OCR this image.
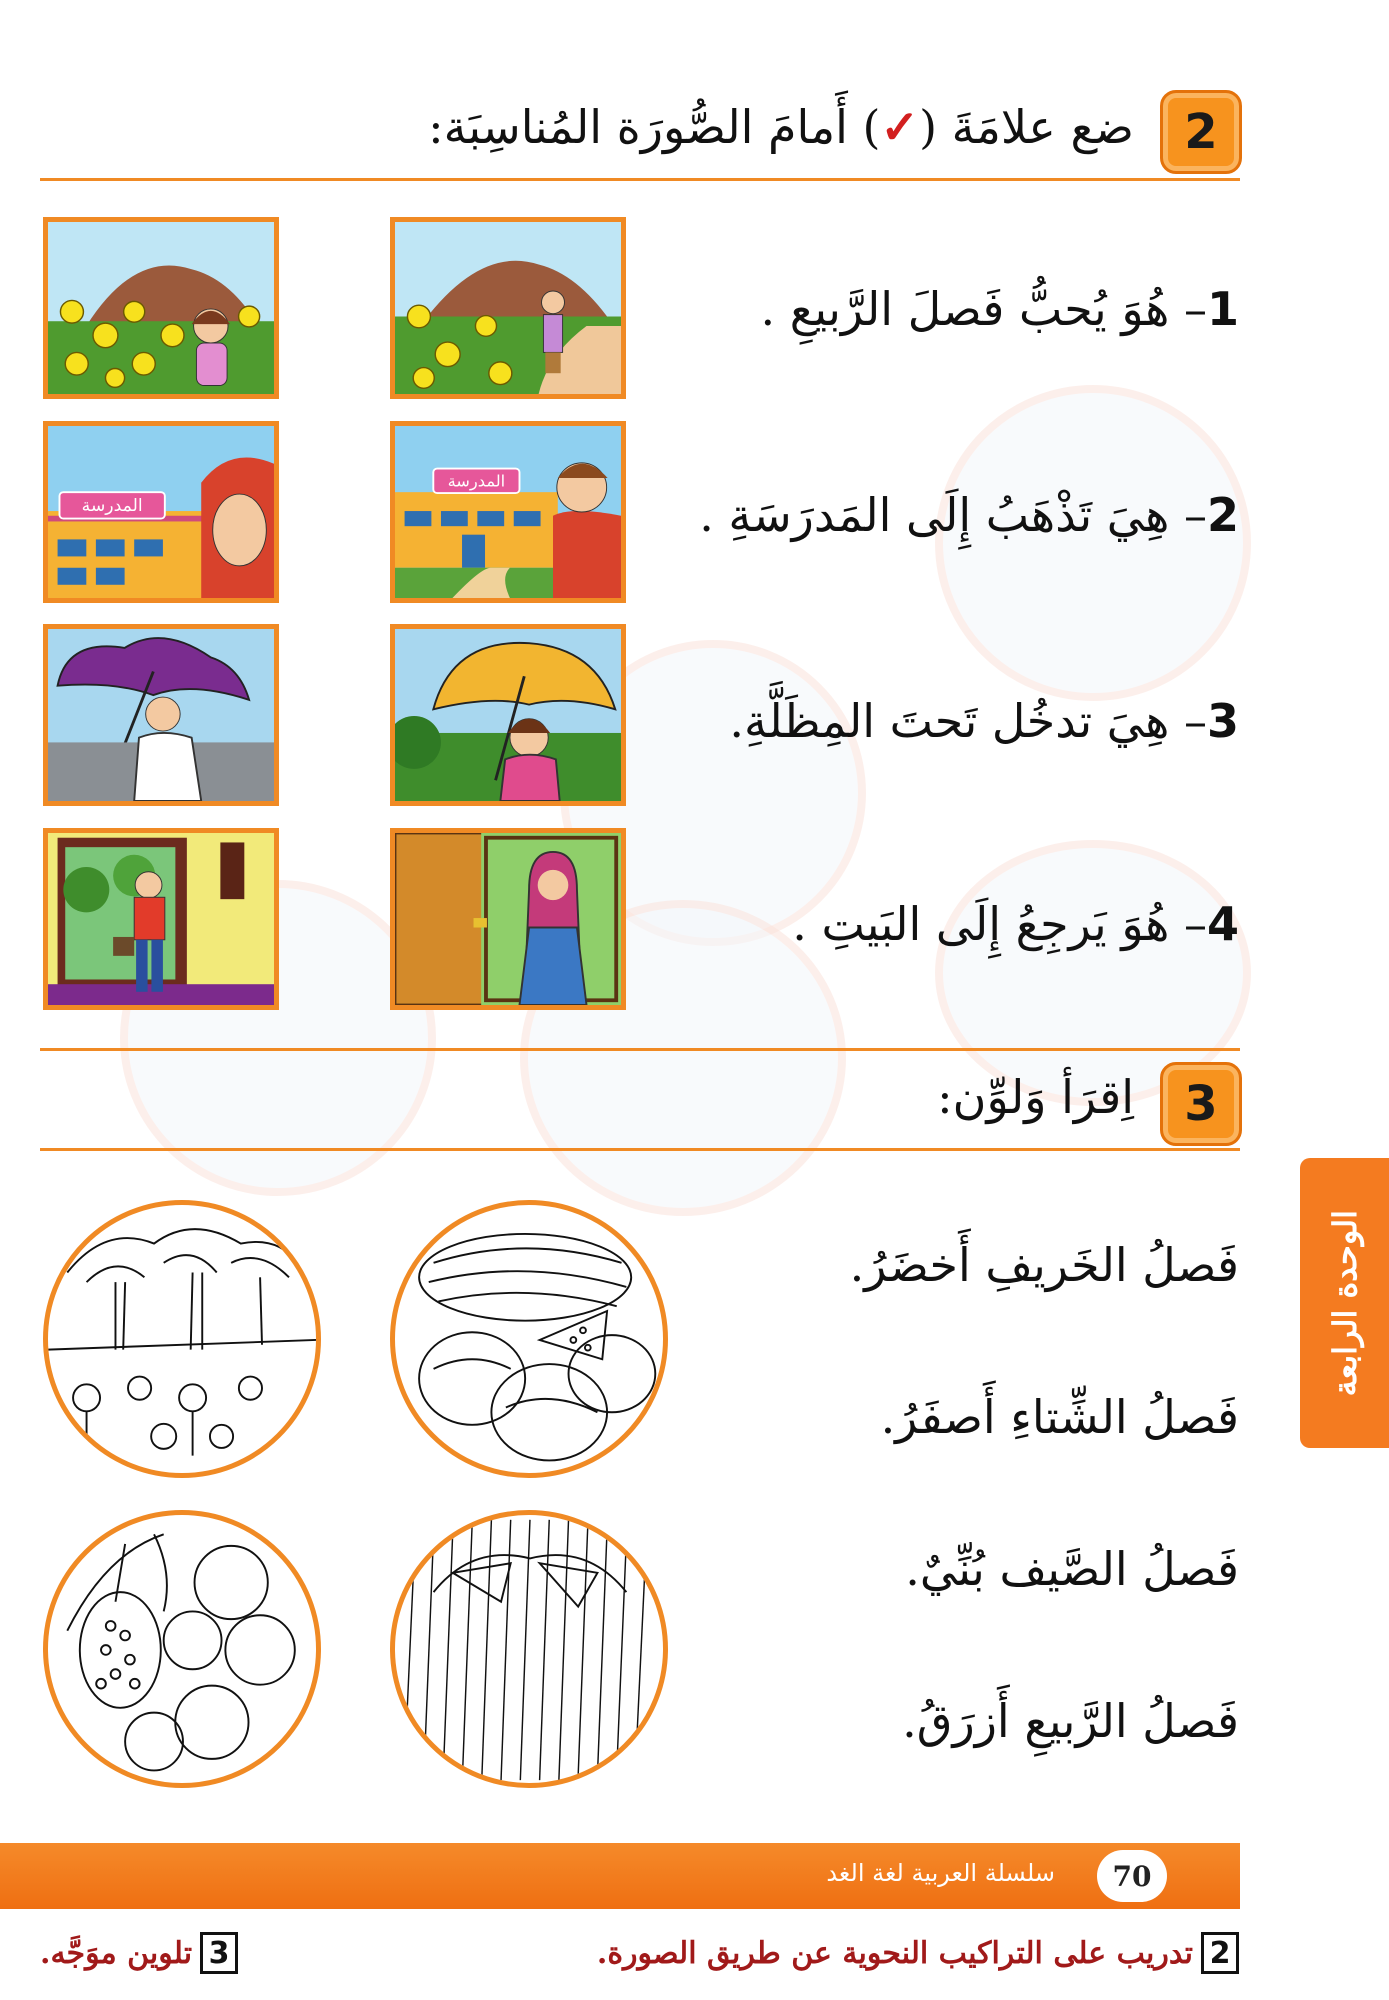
2
ضع علامَةَ (✓) أَمامَ الصُّورَة المُناسِبَة:
1– هُوَ يُحبُّ فَصلَ الرَّبيعِ .
2– هِيَ تَذْهَبُ إِلَى المَدرَسَةِ .
3– هِيَ تدخُل تَحتَ المِظَلَّةِ.
4– هُوَ يَرجِعُ إِلَى البَيتِ .
المدرسة
المدرسة
3
اِقرَأ وَلوِّن:
فَصلُ الخَريفِ أَخضَرُ.
فَصلُ الشِّتاءِ أَصفَرُ.
فَصلُ الصَّيف بُنِّيٌ.
فَصلُ الرَّبيعِ أَزرَقُ.
الوحدة الرابعة
سلسلة العربية لغة الغد	70
2
تدريب على التراكيب النحوية عن طريق الصورة.
3
تلوين موَجَّه.
